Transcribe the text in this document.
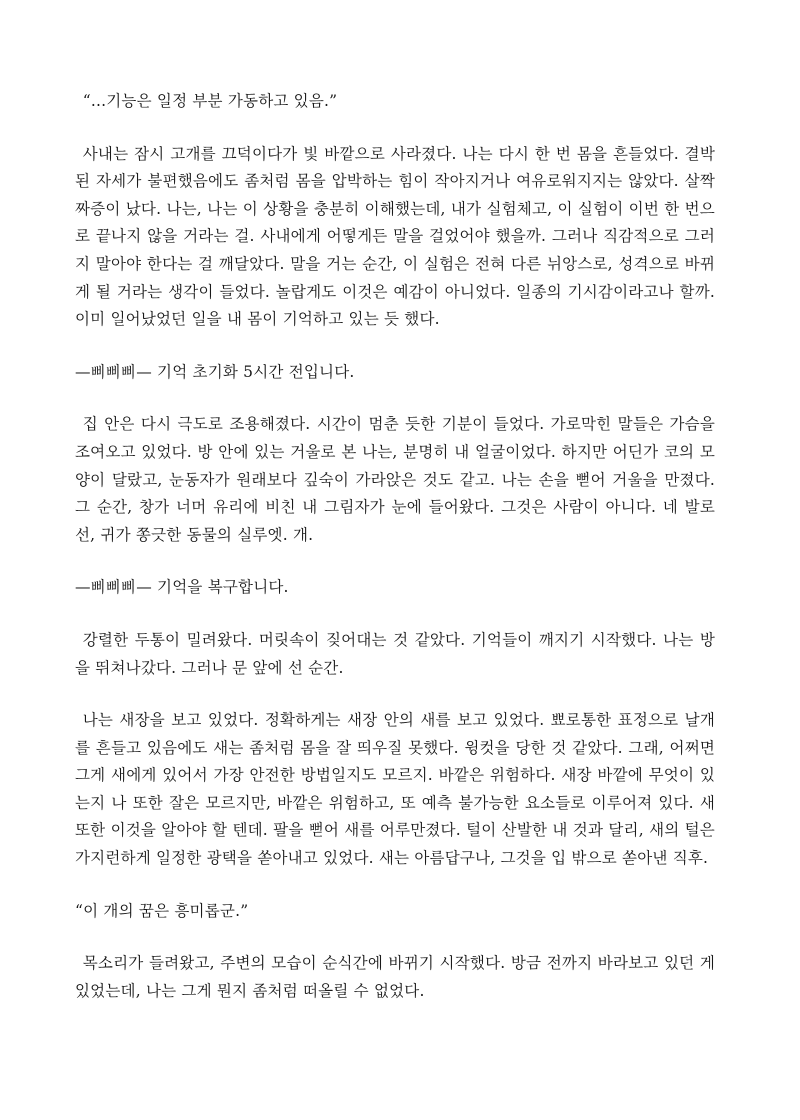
“...기능은 일정 부분 가동하고 있음.”

사내는 잠시 고개를 끄덕이다가 빛 바깥으로 사라졌다. 나는 다시 한 번 몸을 흔들었다. 결박된 자세가 불편했음에도 좀처럼 몸을 압박하는 힘이 작아지거나 여유로워지지는 않았다. 살짝 짜증이 났다. 나는, 나는 이 상황을 충분히 이해했는데, 내가 실험체고, 이 실험이 이번 한 번으로 끝나지 않을 거라는 걸. 사내에게 어떻게든 말을 걸었어야 했을까. 그러나 직감적으로 그러지 말아야 한다는 걸 깨달았다. 말을 거는 순간, 이 실험은 전혀 다른 뉘앙스로, 성격으로 바뀌게 될 거라는 생각이 들었다. 놀랍게도 이것은 예감이 아니었다. 일종의 기시감이라고나 할까. 이미 일어났었던 일을 내 몸이 기억하고 있는 듯 했다.

—삐삐삐— 기억 초기화 5시간 전입니다.

집 안은 다시 극도로 조용해졌다. 시간이 멈춘 듯한 기분이 들었다. 가로막힌 말들은 가슴을 조여오고 있었다. 방 안에 있는 거울로 본 나는, 분명히 내 얼굴이었다. 하지만 어딘가 코의 모양이 달랐고, 눈동자가 원래보다 깊숙이 가라앉은 것도 같고. 나는 손을 뻗어 거울을 만졌다. 그 순간, 창가 너머 유리에 비친 내 그림자가 눈에 들어왔다. 그것은 사람이 아니다. 네 발로 선, 귀가 쫑긋한 동물의 실루엣. 개.

—삐삐삐— 기억을 복구합니다.

강렬한 두통이 밀려왔다. 머릿속이 짖어대는 것 같았다. 기억들이 깨지기 시작했다. 나는 방을 뛰쳐나갔다. 그러나 문 앞에 선 순간.

나는 새장을 보고 있었다. 정확하게는 새장 안의 새를 보고 있었다. 뾰로통한 표정으로 날개를 흔들고 있음에도 새는 좀처럼 몸을 잘 띄우질 못했다. 윙컷을 당한 것 같았다. 그래, 어쩌면 그게 새에게 있어서 가장 안전한 방법일지도 모르지. 바깥은 위험하다. 새장 바깥에 무엇이 있는지 나 또한 잘은 모르지만, 바깥은 위험하고, 또 예측 불가능한 요소들로 이루어져 있다. 새 또한 이것을 알아야 할 텐데. 팔을 뻗어 새를 어루만졌다. 털이 산발한 내 것과 달리, 새의 털은 가지런하게 일정한 광택을 쏟아내고 있었다. 새는 아름답구나, 그것을 입 밖으로 쏟아낸 직후.

“이 개의 꿈은 흥미롭군.”

목소리가 들려왔고, 주변의 모습이 순식간에 바뀌기 시작했다. 방금 전까지 바라보고 있던 게 있었는데, 나는 그게 뭔지 좀처럼 떠올릴 수 없었다.
